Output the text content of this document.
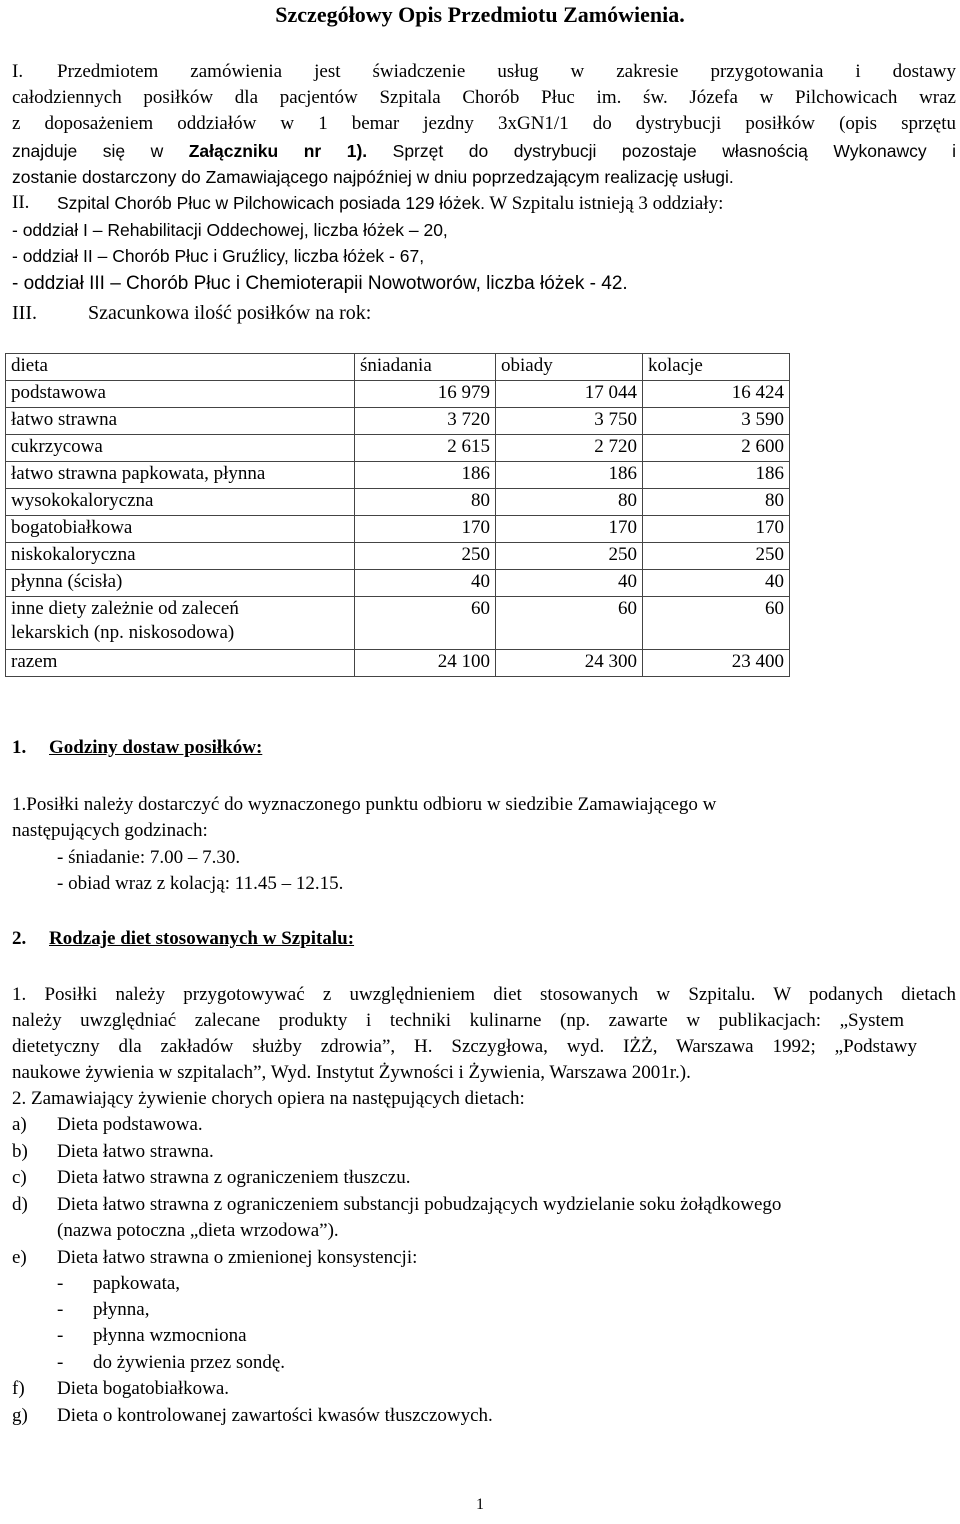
Szczegółowy Opis Przedmiotu Zamówienia.
I. Przedmiotem zamówienia jest świadczenie usług w zakresie przygotowania i dostawy
całodziennych posiłków dla pacjentów Szpitala Chorób Płuc im. św. Józefa w Pilchowicach wraz
z doposażeniem oddziałów w 1 bemar jezdny 3xGN1/1 do dystrybucji posiłków (opis sprzętu
znajduje się w Załączniku nr 1). Sprzęt do dystrybucji pozostaje własnością Wykonawcy i
zostanie dostarczony do Zamawiającego najpóźniej w dniu poprzedzającym realizację usługi.
II. Szpital Chorób Płuc w Pilchowicach posiada 129 łóżek. W Szpitalu istnieją 3 oddziały:
- oddział I – Rehabilitacji Oddechowej, liczba łóżek – 20,
- oddział II – Chorób Płuc i Gruźlicy, liczba łóżek - 67,
- oddział III – Chorób Płuc i Chemioterapii Nowotworów, liczba łóżek - 42.
III.	Szacunkowa ilość posiłków na rok:
dieta	śniadania	obiady	kolacje
podstawowa	16 979	17 044	16 424
łatwo strawna	3 720	3 750	3 590
cukrzycowa	2 615	2 720	2 600
łatwo strawna papkowata, płynna	186	186	186
wysokokaloryczna	80	80	80
bogatobiałkowa	170	170	170
niskokaloryczna	250	250	250
płynna (ścisła)	40	40	40

inne diety zależnie od zaleceń
lekarskich (np. niskosodowa)	60	60	60
razem	24 100	24 300	23 400
1. Godziny dostaw posiłków:
1.Posiłki należy dostarczyć do wyznaczonego punktu odbioru w siedzibie Zamawiającego w
następujących godzinach:
- śniadanie: 7.00 – 7.30.
- obiad wraz z kolacją: 11.45 – 12.15.
2. Rodzaje diet stosowanych w Szpitalu:
1. Posiłki należy przygotowywać z uwzględnieniem diet stosowanych w Szpitalu. W podanych dietach
należy uwzględniać zalecane produkty i techniki kulinarne (np. zawarte w publikacjach: „System
dietetyczny dla zakładów służby zdrowia”, H. Szczygłowa, wyd. IŻŻ, Warszawa 1992; „Podstawy
naukowe żywienia w szpitalach”, Wyd. Instytut Żywności i Żywienia, Warszawa 2001r.).
2. Zamawiający żywienie chorych opiera na następujących dietach:
a) Dieta podstawowa.
b) Dieta łatwo strawna.
c) Dieta łatwo strawna z ograniczeniem tłuszczu.
d) Dieta łatwo strawna z ograniczeniem substancji pobudzających wydzielanie soku żołądkowego
(nazwa potoczna „dieta wrzodowa”).
e) Dieta łatwo strawna o zmienionej konsystencji:
- papkowata,
- płynna,
- płynna wzmocniona
- do żywienia przez sondę.
f) Dieta bogatobiałkowa.
g) Dieta o kontrolowanej zawartości kwasów tłuszczowych.
1
